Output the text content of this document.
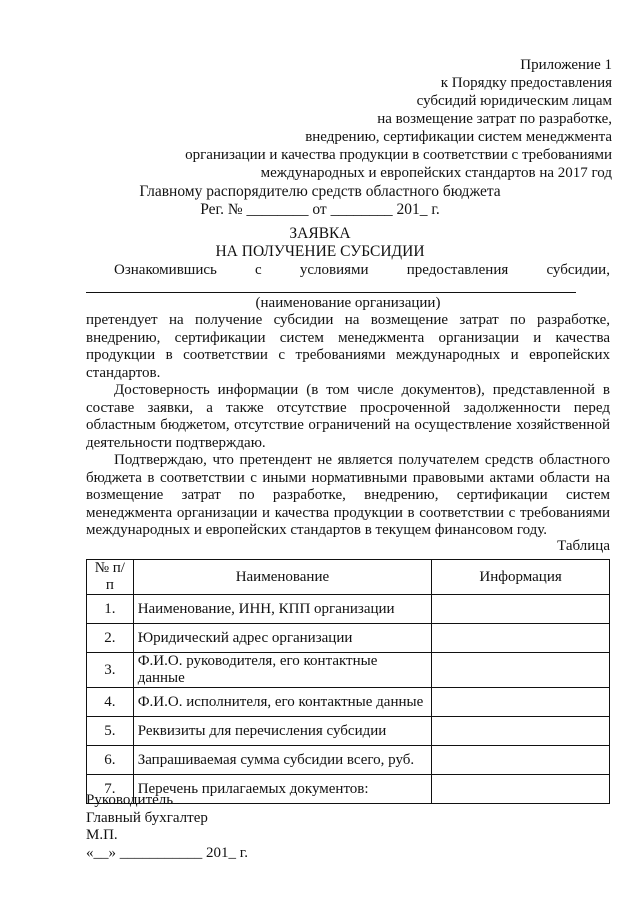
Приложение 1
к Порядку предоставления
субсидий юридическим лицам
на возмещение затрат по разработке,
внедрению, сертификации систем менеджмента
организации и качества продукции в соответствии с требованиями
международных и европейских стандартов на 2017 год
Главному распорядителю средств областного бюджета
Рег. № ________ от ________ 201_ г.
ЗАЯВКА
НА ПОЛУЧЕНИЕ СУБСИДИИ
Ознакомившись	с	условиями	предоставления	субсидии,
(наименование организации)

претендует на получение субсидии на возмещение затрат по разработке, внедрению, сертификации систем менеджмента организации и качества продукции в соответствии с требованиями международных и европейских стандартов.

Достоверность информации (в том числе документов), представленной в составе заявки, а также отсутствие просроченной задолженности перед областным бюджетом, отсутствие ограничений на осуществление хозяйственной деятельности подтверждаю.

Подтверждаю, что претендент не является получателем средств областного бюджета в соответствии с иными нормативными правовыми актами области на возмещение затрат по разработке, внедрению, сертификации систем менеджмента организации и качества продукции в соответствии с требованиями международных и европейских стандартов в текущем финансовом году.

Таблица
№ п/п	Наименование	Информация
1.	Наименование, ИНН, КПП организации	
2.	Юридический адрес организации	
3.	Ф.И.О. руководителя, его контактные данные	
4.	Ф.И.О. исполнителя, его контактные данные	
5.	Реквизиты для перечисления субсидии	
6.	Запрашиваемая сумма субсидии всего, руб.	
7.	Перечень прилагаемых документов:	
Руководитель
Главный бухгалтер
М.П.
«__» ___________ 201_ г.
